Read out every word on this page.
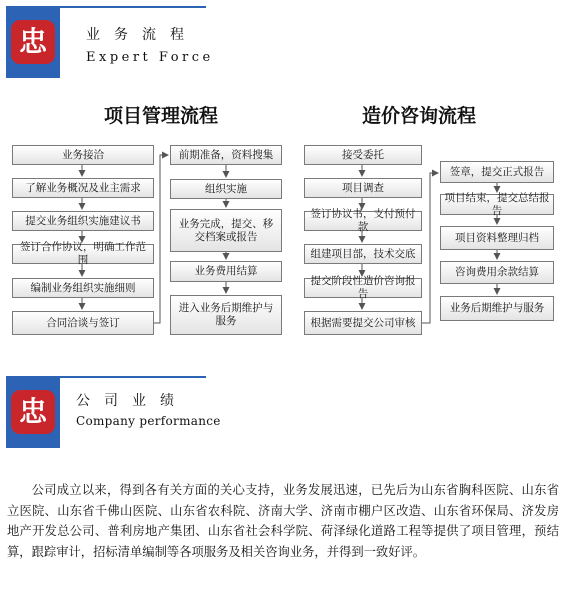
忠	业务流程
Expert Force
项目管理流程	造价咨询流程
业务接洽
了解业务概况及业主需求
提交业务组织实施建议书
签订合作协议，明确工作范围
编制业务组织实施细则
合同洽谈与签订
前期准备，资料搜集
组织实施
业务完成，提交、移交档案或报告
业务费用结算
进入业务后期维护与服务
接受委托
项目调查
签订协议书，支付预付款
组建项目部，技术交底
提交阶段性造价咨询报告
根据需要提交公司审核
签章，提交正式报告
项目结束，提交总结报告
项目资料整理归档
咨询费用余款结算
业务后期维护与服务
忠	公司业绩
Company performance

公司成立以来，得到各有关方面的关心支持，业务发展迅速，已先后为山东省胸科医院、山东省立医院、山东省千佛山医院、山东省农科院、济南大学、济南市棚户区改造、山东省环保局、济发房地产开发总公司、普利房地产集团、山东省社会科学院、荷泽绿化道路工程等提供了项目管理，预结算，跟踪审计，招标清单编制等各项服务及相关咨询业务，并得到一致好评。
